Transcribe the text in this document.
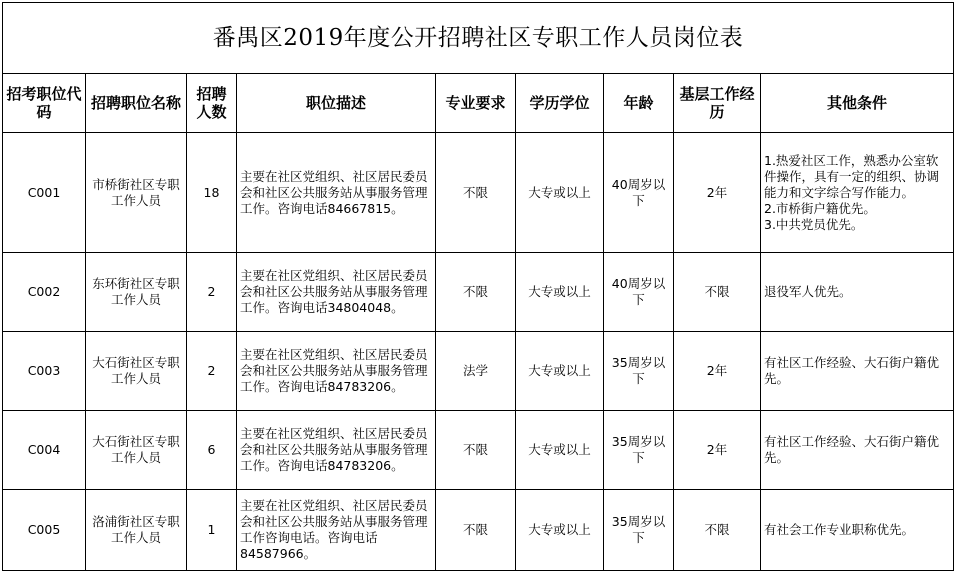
番禺区2019年度公开招聘社区专职工作人员岗位表								
招考职位代码	招聘职位名称	招聘人数	职位描述	专业要求	学历学位	年龄	基层工作经历	其他条件
C001	市桥街社区专职工作人员	18	主要在社区党组织、社区居民委员会和社区公共服务站从事服务管理工作。咨询电话84667815。	不限	大专或以上	40周岁以下	2年	1.热爱社区工作，熟悉办公室软件操作，具有一定的组织、协调能力和文字综合写作能力。
2.市桥街户籍优先。
3.中共党员优先。

C002	东环街社区专职工作人员	2	主要在社区党组织、社区居民委员会和社区公共服务站从事服务管理工作。咨询电话34804048。	不限	大专或以上	40周岁以下	不限	退役军人优先。
C003	大石街社区专职工作人员	2	主要在社区党组织、社区居民委员会和社区公共服务站从事服务管理工作。咨询电话84783206。	法学	大专或以上	35周岁以下	2年	有社区工作经验、大石街户籍优先。
C004	大石街社区专职工作人员	6	主要在社区党组织、社区居民委员会和社区公共服务站从事服务管理工作。咨询电话84783206。	不限	大专或以上	35周岁以下	2年	有社区工作经验、大石街户籍优先。
C005	洛浦街社区专职工作人员	1	主要在社区党组织、社区居民委员会和社区公共服务站从事服务管理工作咨询电话。咨询电话84587966。	不限	大专或以上	35周岁以下	不限	有社会工作专业职称优先。
